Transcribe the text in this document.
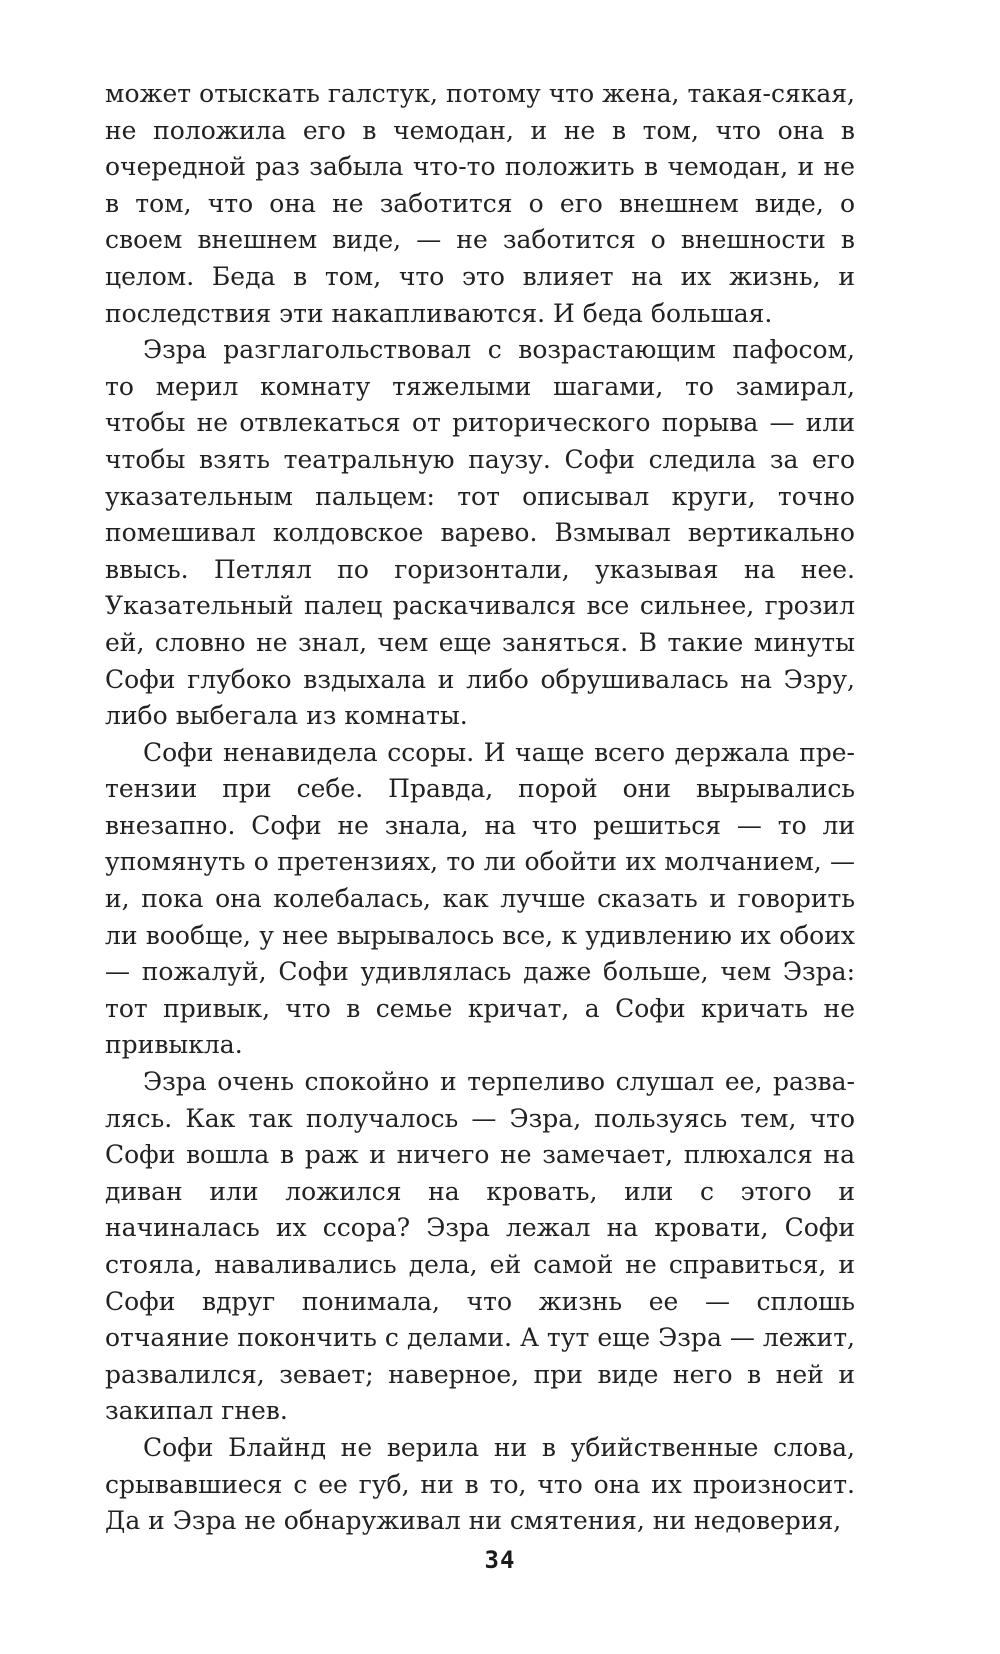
может отыскать галстук, потому что жена, такая-сякая, не положила его в чемодан, и не в том, что она в очередной раз забыла что-то положить в чемодан, и не в том, что она не заботится о его внешнем виде, о своем внешнем виде, — не заботится о внешности в целом. Беда в том, что это влияет на их жизнь, и последствия эти накапливаются. И беда большая.

Эзра разглагольствовал с возрастающим пафосом, то мерил комнату тяжелыми шагами, то замирал, чтобы не отвлекаться от риторического порыва — или чтобы взять театральную паузу. Софи следила за его указательным пальцем: тот описывал круги, точно помешивал колдовское варево. Взмывал вертикально ввысь. Петлял по горизонтали, указывая на нее. Указательный палец раскачивался все сильнее, грозил ей, словно не знал, чем еще заняться. В такие минуты Софи глубоко вздыхала и либо обрушивалась на Эзру, либо выбегала из комнаты.

Софи ненавидела ссоры. И чаще всего держала претензии при себе. Правда, порой они вырывались внезапно. Софи не знала, на что решиться — то ли упомянуть о претензиях, то ли обойти их молчанием, — и, пока она колебалась, как лучше сказать и говорить ли вообще, у нее вырывалось все, к удивлению их обоих — пожалуй, Софи удивлялась даже больше, чем Эзра: тот привык, что в семье кричат, а Софи кричать не привыкла.

Эзра очень спокойно и терпеливо слушал ее, развалясь. Как так получалось — Эзра, пользуясь тем, что Софи вошла в раж и ничего не замечает, плюхался на диван или ложился на кровать, или с этого и начиналась их ссора? Эзра лежал на кровати, Софи стояла, наваливались дела, ей самой не справиться, и Софи вдруг понимала, что жизнь ее — сплошь отчаяние покончить с делами. А тут еще Эзра — лежит, развалился, зевает; наверное, при виде него в ней и закипал гнев.

Софи Блайнд не верила ни в убийственные слова, срывавшиеся с ее губ, ни в то, что она их произносит. Да и Эзра не обнаруживал ни смятения, ни недоверия,

34
